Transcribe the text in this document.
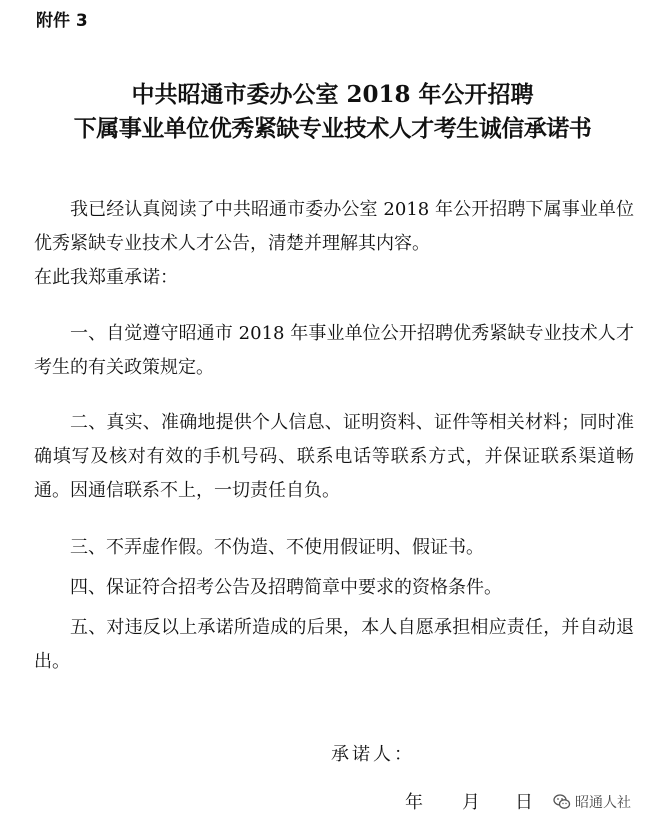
附件 3
中共昭通市委办公室 2018 年公开招聘
下属事业单位优秀紧缺专业技术人才考生诚信承诺书

我已经认真阅读了中共昭通市委办公室 2018 年公开招聘下属事业单位优秀紧缺专业技术人才公告，清楚并理解其内容。

在此我郑重承诺：

一、自觉遵守昭通市 2018 年事业单位公开招聘优秀紧缺专业技术人才考生的有关政策规定。

二、真实、准确地提供个人信息、证明资料、证件等相关材料；同时准确填写及核对有效的手机号码、联系电话等联系方式，并保证联系渠道畅通。因通信联系不上，一切责任自负。

三、不弄虚作假。不伪造、不使用假证明、假证书。

四、保证符合招考公告及招聘简章中要求的资格条件。

五、对违反以上承诺所造成的后果，本人自愿承担相应责任，并自动退出。

承诺人：
年 月 日	昭通人社
